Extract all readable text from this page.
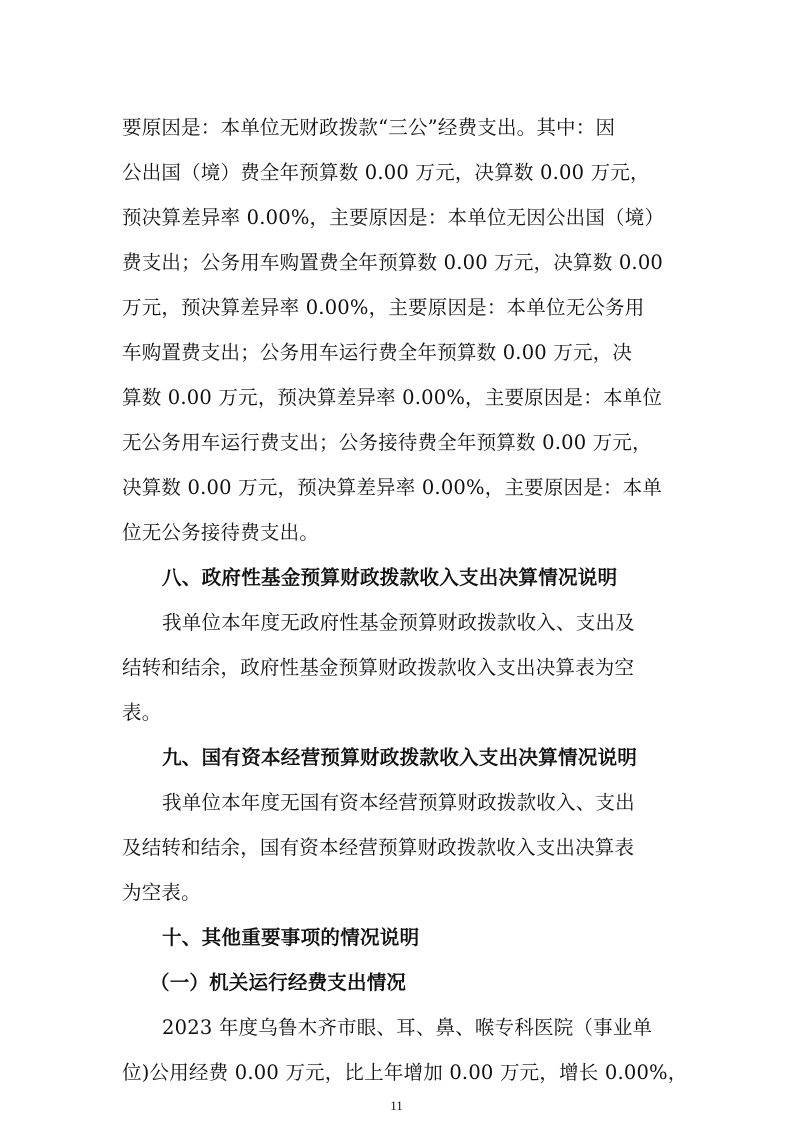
要原因是：本单位无财政拨款“三公”经费支出。其中：因
公出国（境）费全年预算数 0.00 万元，决算数 0.00 万元，
预决算差异率 0.00%，主要原因是：本单位无因公出国（境）
费支出；公务用车购置费全年预算数 0.00 万元，决算数 0.00
万元，预决算差异率 0.00%，主要原因是：本单位无公务用
车购置费支出；公务用车运行费全年预算数 0.00 万元，决
算数 0.00 万元，预决算差异率 0.00%，主要原因是：本单位
无公务用车运行费支出；公务接待费全年预算数 0.00 万元，
决算数 0.00 万元，预决算差异率 0.00%，主要原因是：本单
位无公务接待费支出。
八、政府性基金预算财政拨款收入支出决算情况说明
我单位本年度无政府性基金预算财政拨款收入、支出及
结转和结余，政府性基金预算财政拨款收入支出决算表为空
表。
九、国有资本经营预算财政拨款收入支出决算情况说明
我单位本年度无国有资本经营预算财政拨款收入、支出
及结转和结余，国有资本经营预算财政拨款收入支出决算表
为空表。
十、其他重要事项的情况说明
（一）机关运行经费支出情况
2023 年度乌鲁木齐市眼、耳、鼻、喉专科医院（事业单
位)公用经费 0.00 万元，比上年增加 0.00 万元，增长 0.00%，
11
